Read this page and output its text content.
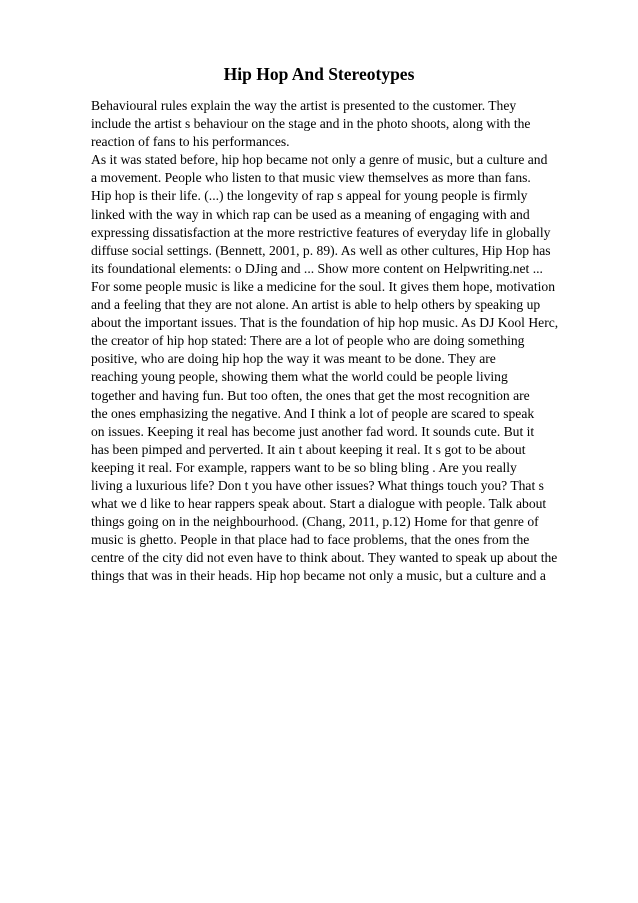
Hip Hop And Stereotypes
Behavioural rules explain the way the artist is presented to the customer. They
include the artist s behaviour on the stage and in the photo shoots, along with the
reaction of fans to his performances.
As it was stated before, hip hop became not only a genre of music, but a culture and
a movement. People who listen to that music view themselves as more than fans.
Hip hop is their life. (...) the longevity of rap s appeal for young people is firmly
linked with the way in which rap can be used as a meaning of engaging with and
expressing dissatisfaction at the more restrictive features of everyday life in globally
diffuse social settings. (Bennett, 2001, p. 89). As well as other cultures, Hip Hop has
its foundational elements: o DJing and ... Show more content on Helpwriting.net ...
For some people music is like a medicine for the soul. It gives them hope, motivation
and a feeling that they are not alone. An artist is able to help others by speaking up
about the important issues. That is the foundation of hip hop music. As DJ Kool Herc,
the creator of hip hop stated: There are a lot of people who are doing something
positive, who are doing hip hop the way it was meant to be done. They are
reaching young people, showing them what the world could be people living
together and having fun. But too often, the ones that get the most recognition are
the ones emphasizing the negative. And I think a lot of people are scared to speak
on issues. Keeping it real has become just another fad word. It sounds cute. But it
has been pimped and perverted. It ain t about keeping it real. It s got to be about
keeping it real. For example, rappers want to be so bling bling . Are you really
living a luxurious life? Don t you have other issues? What things touch you? That s
what we d like to hear rappers speak about. Start a dialogue with people. Talk about
things going on in the neighbourhood. (Chang, 2011, p.12) Home for that genre of
music is ghetto. People in that place had to face problems, that the ones from the
centre of the city did not even have to think about. They wanted to speak up about the
things that was in their heads. Hip hop became not only a music, but a culture and a
